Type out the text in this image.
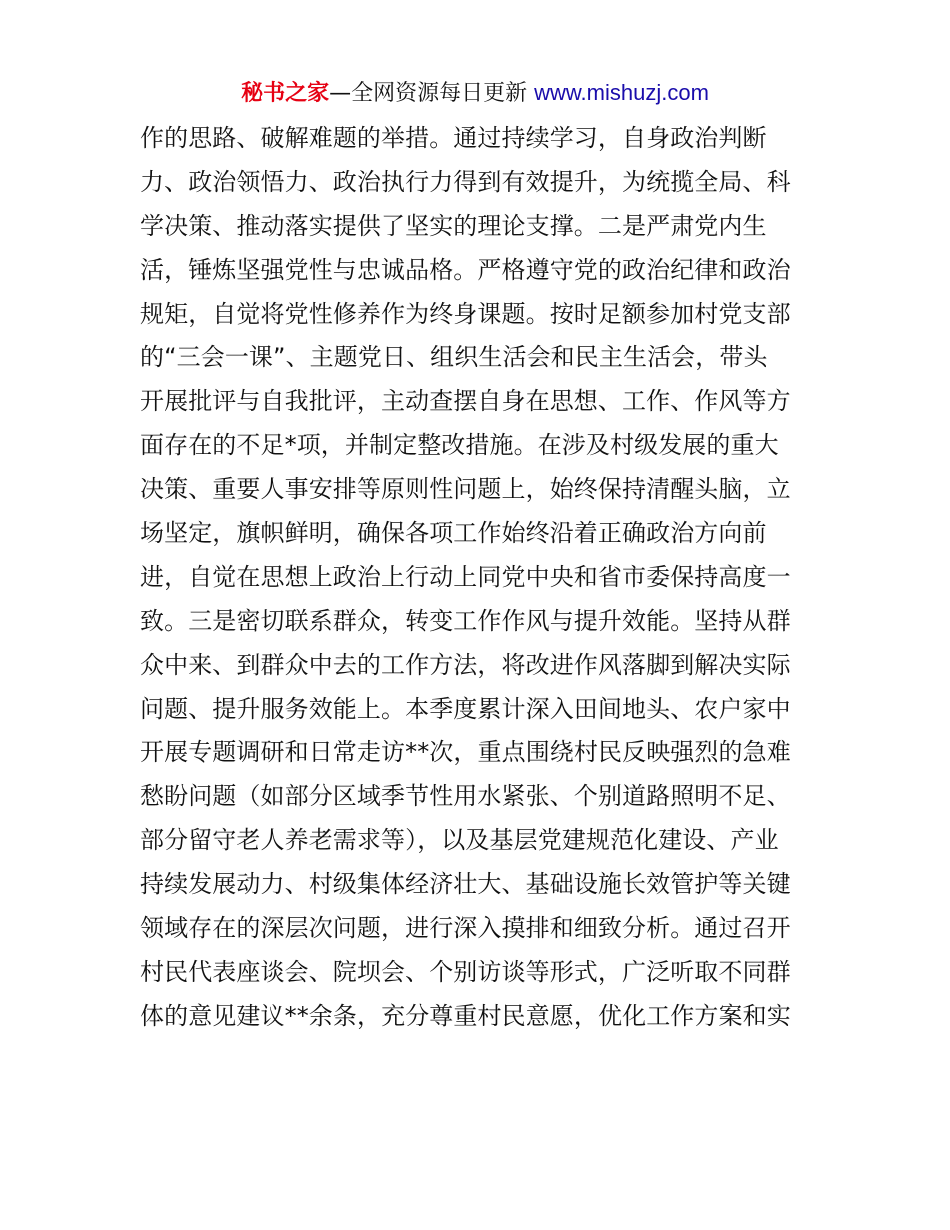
秘书之家—全网资源每日更新 www.mishuzj.com
作的思路、破解难题的举措。通过持续学习，自身政治判断
力、政治领悟力、政治执行力得到有效提升，为统揽全局、科
学决策、推动落实提供了坚实的理论支撑。二是严肃党内生
活，锤炼坚强党性与忠诚品格。严格遵守党的政治纪律和政治
规矩，自觉将党性修养作为终身课题。按时足额参加村党支部
的“三会一课”、主题党日、组织生活会和民主生活会，带头
开展批评与自我批评，主动查摆自身在思想、工作、作风等方
面存在的不足*项，并制定整改措施。在涉及村级发展的重大
决策、重要人事安排等原则性问题上，始终保持清醒头脑，立
场坚定，旗帜鲜明，确保各项工作始终沿着正确政治方向前
进，自觉在思想上政治上行动上同党中央和省市委保持高度一
致。三是密切联系群众，转变工作作风与提升效能。坚持从群
众中来、到群众中去的工作方法，将改进作风落脚到解决实际
问题、提升服务效能上。本季度累计深入田间地头、农户家中
开展专题调研和日常走访**次，重点围绕村民反映强烈的急难
愁盼问题（如部分区域季节性用水紧张、个别道路照明不足、
部分留守老人养老需求等），以及基层党建规范化建设、产业
持续发展动力、村级集体经济壮大、基础设施长效管护等关键
领域存在的深层次问题，进行深入摸排和细致分析。通过召开
村民代表座谈会、院坝会、个别访谈等形式，广泛听取不同群
体的意见建议**余条，充分尊重村民意愿，优化工作方案和实
